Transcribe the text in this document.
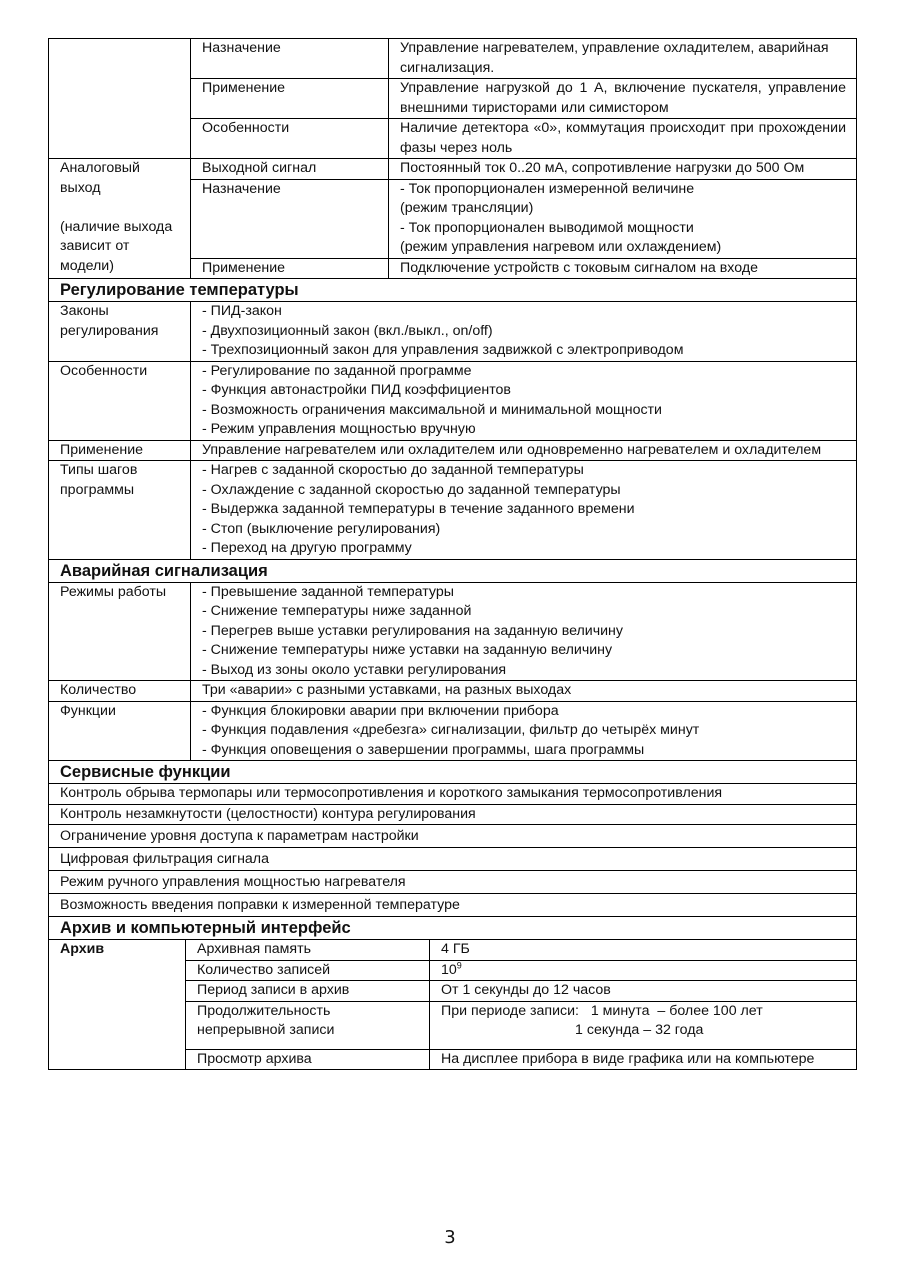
	Назначение	Управление нагревателем, управление охладителем, аварийная сигнализация.
	Применение	Управление нагрузкой до 1 А, включение пускателя, управление внешними тиристорами или симистором
	Особенности	Наличие детектора «0», коммутация происходит при прохождении фазы через ноль
Аналоговый выход

(наличие выхода зависит от модели)	Выходной сигнал	Постоянный ток 0..20 мА, сопротивление нагрузки до 500 Ом
	Назначение	- Ток пропорционален измеренной величине
(режим трансляции)
- Ток пропорционален выводимой мощности
(режим управления нагревом или охлаждением)
	Применение	Подключение устройств с токовым сигналом на входе
Регулирование температуры	
Законы регулирования	- ПИД-закон
- Двухпозиционный закон (вкл./выкл., on/off)
- Трехпозиционный закон для управления задвижкой с электроприводом
Особенности	- Регулирование по заданной программе
- Функция автонастройки ПИД коэффициентов
- Возможность ограничения максимальной и минимальной мощности
- Режим управления мощностью вручную
Применение	Управление нагревателем или охладителем или одновременно нагревателем и охладителем
Типы шагов программы	- Нагрев с заданной скоростью до заданной температуры
- Охлаждение с заданной скоростью до заданной температуры
- Выдержка заданной температуры в течение заданного времени
- Стоп (выключение регулирования)
- Переход на другую программу
Аварийная сигнализация	
Режимы работы	- Превышение заданной температуры
- Снижение температуры ниже заданной
- Перегрев выше уставки регулирования на заданную величину
- Снижение температуры ниже уставки на заданную величину
- Выход из зоны около уставки регулирования
Количество	Три «аварии» с разными уставками, на разных выходах
Функции	- Функция блокировки аварии при включении прибора
- Функция подавления «дребезга» сигнализации, фильтр до четырёх минут
- Функция оповещения о завершении программы, шага программы
Сервисные функции	
Контроль обрыва термопары или термосопротивления и короткого замыкания термосопротивления	
Контроль незамкнутости (целостности) контура регулирования	
Ограничение уровня доступа к параметрам настройки	
Цифровая фильтрация сигнала	
Режим ручного управления мощностью нагревателя	
Возможность введения поправки к измеренной температуре	
Архив и компьютерный интерфейс	
Архив	Архивная память	4 ГБ
	Количество записей	$10^9$
	Период записи в архив	От 1 секунды до 12 часов
	Продолжительность непрерывной записи	При периоде записи:   1 минута  – более 100 лет
1 секунда – 32 года
	Просмотр архива	На дисплее прибора в виде графика или на компьютере
3
